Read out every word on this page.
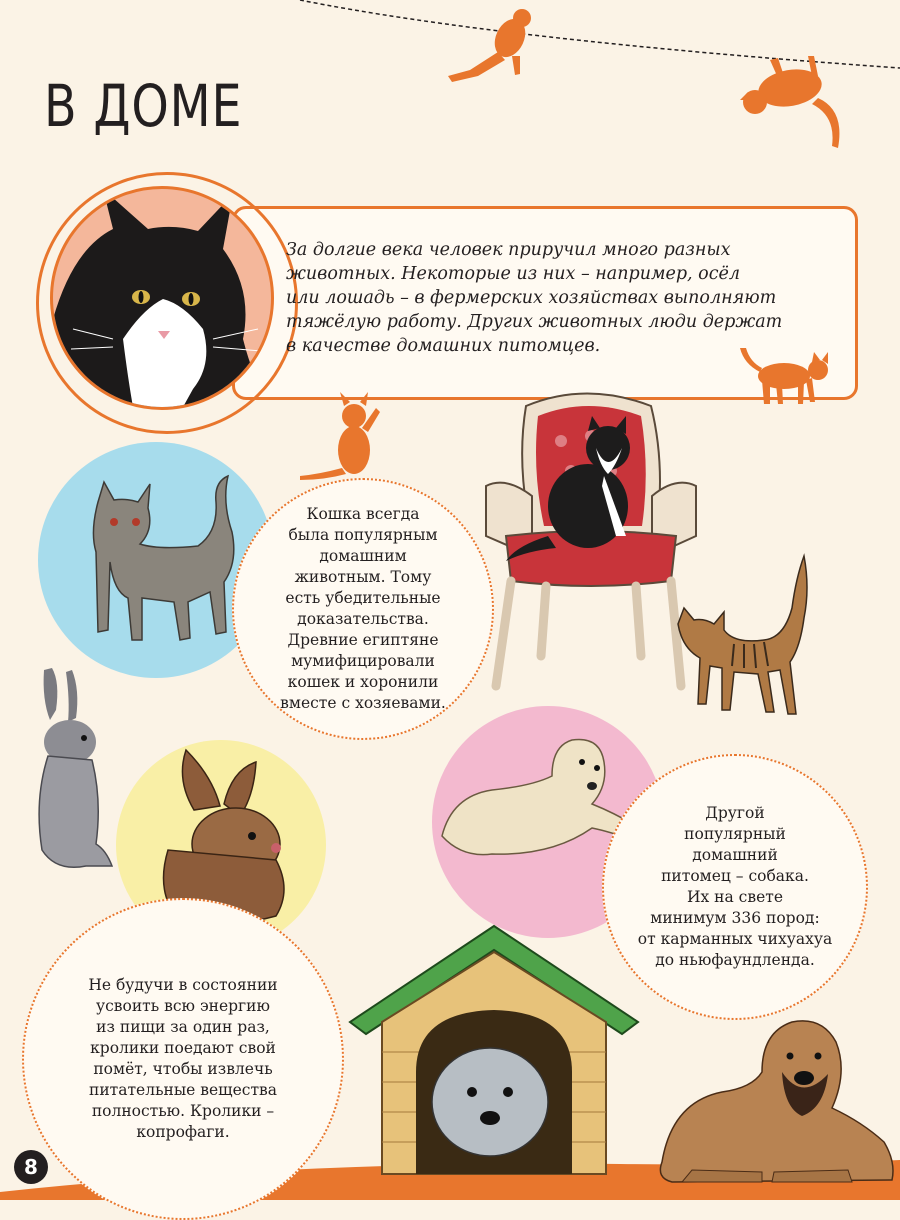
В ДОМЕ
За долгие века человек приручил много разных
животных. Некоторые из них – например, осёл
или лошадь – в фермерских хозяйствах выполняют
тяжёлую работу. Других животных люди держат
в качестве домашних питомцев.

Кошка всегда
была популярным
домашним
животным. Тому
есть убедительные
доказательства.
Древние египтяне
мумифицировали
кошек и хоронили
вместе с хозяевами.

Другой
популярный
домашний
питомец – собака.
Их на свете
минимум 336 пород:
от карманных чихуахуа
до ньюфаундленда.

Не будучи в состоянии
усвоить всю энергию
из пищи за один раз,
кролики поедают свой
помёт, чтобы извлечь
питательные вещества
полностью. Кролики –
копрофаги.

8
